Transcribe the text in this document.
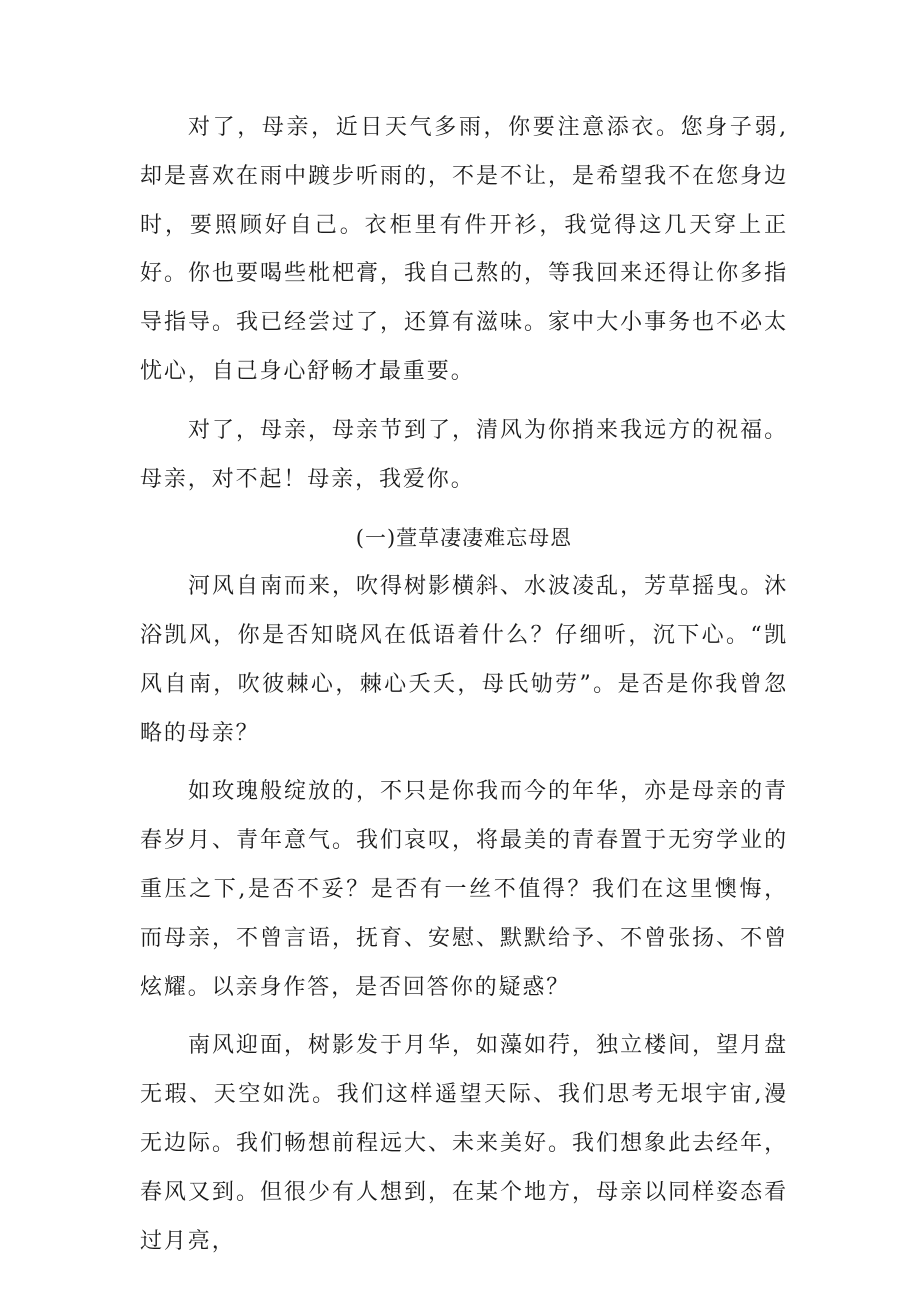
对了，母亲，近日天气多雨，你要注意添衣。您身子弱,却是喜欢在雨中踱步听雨的，不是不让，是希望我不在您身边时，要照顾好自己。衣柜里有件开衫，我觉得这几天穿上正好。你也要喝些枇杷膏，我自己熬的，等我回来还得让你多指导指导。我已经尝过了，还算有滋味。家中大小事务也不必太忧心，自己身心舒畅才最重要。

对了，母亲，母亲节到了，清风为你捎来我远方的祝福。母亲，对不起！母亲，我爱你。

(一)萱草凄凄难忘母恩

河风自南而来，吹得树影横斜、水波凌乱，芳草摇曳。沐浴凯风，你是否知晓风在低语着什么？仔细听，沉下心。“凯风自南，吹彼棘心，棘心夭夭，母氏劬劳”。是否是你我曾忽略的母亲？

如玫瑰般绽放的，不只是你我而今的年华，亦是母亲的青春岁月、青年意气。我们哀叹，将最美的青春置于无穷学业的重压之下,是否不妥？是否有一丝不值得？我们在这里懊悔，而母亲，不曾言语，抚育、安慰、默默给予、不曾张扬、不曾炫耀。以亲身作答，是否回答你的疑惑？

南风迎面，树影发于月华，如藻如荇，独立楼间，望月盘无瑕、天空如洗。我们这样遥望天际、我们思考无垠宇宙,漫无边际。我们畅想前程远大、未来美好。我们想象此去经年，春风又到。但很少有人想到，在某个地方，母亲以同样姿态看过月亮，
